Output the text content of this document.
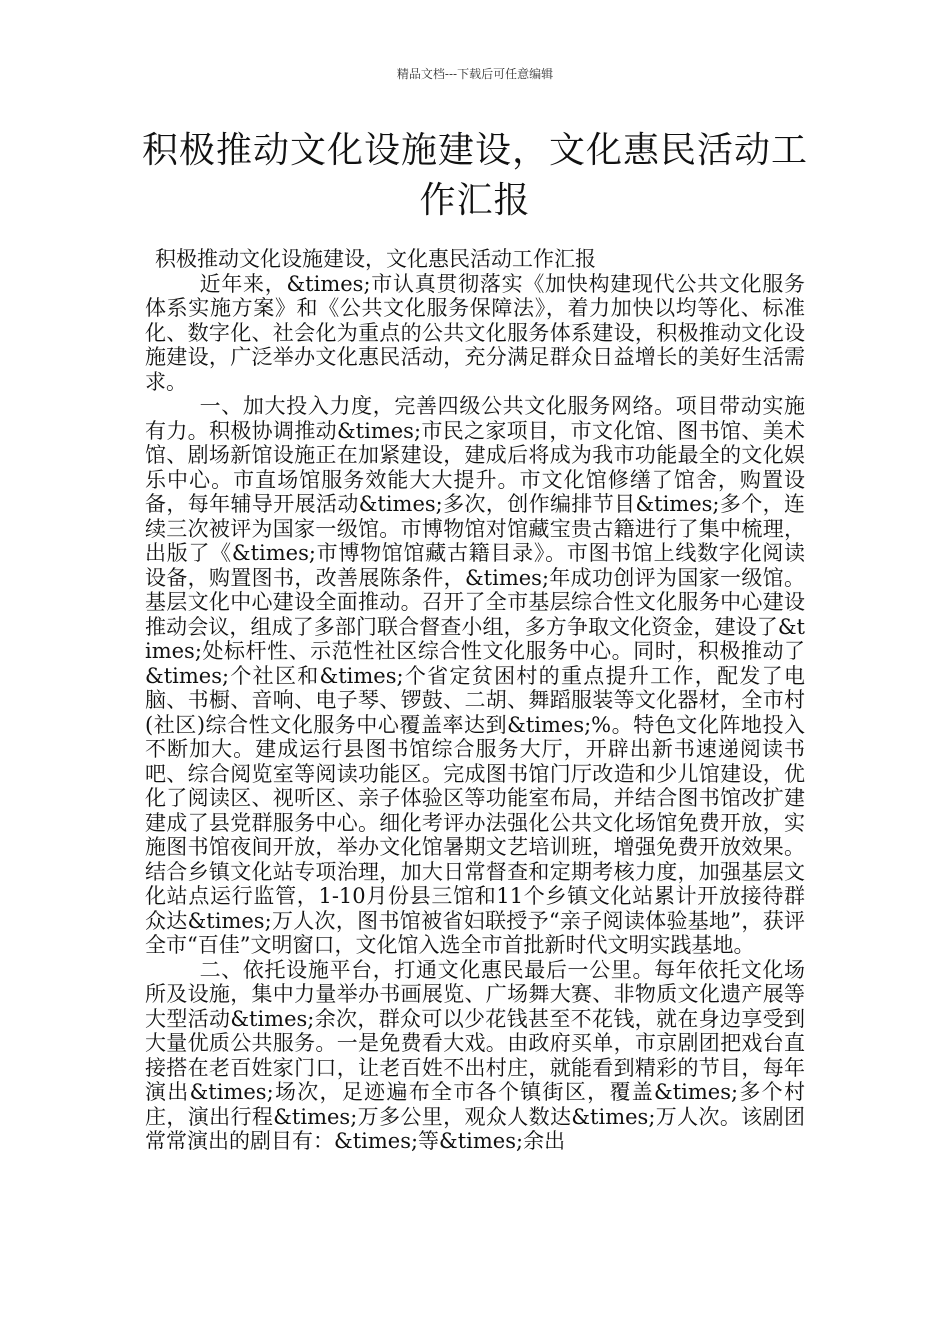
精品文档---下载后可任意编辑
积极推动文化设施建设，文化惠民活动工作汇报

积极推动文化设施建设，文化惠民活动工作汇报

近年来，&times;市认真贯彻落实《加快构建现代公共文化服务体系实施方案》和《公共文化服务保障法》，着力加快以均等化、标准化、数字化、社会化为重点的公共文化服务体系建设，积极推动文化设施建设，广泛举办文化惠民活动，充分满足群众日益增长的美好生活需求。

一、加大投入力度，完善四级公共文化服务网络。项目带动实施有力。积极协调推动&times;市民之家项目，市文化馆、图书馆、美术馆、剧场新馆设施正在加紧建设，建成后将成为我市功能最全的文化娱乐中心。市直场馆服务效能大大提升。市文化馆修缮了馆舍，购置设备，每年辅导开展活动&times;多次，创作编排节目&times;多个，连续三次被评为国家一级馆。市博物馆对馆藏宝贵古籍进行了集中梳理，出版了《&times;市博物馆馆藏古籍目录》。市图书馆上线数字化阅读设备，购置图书，改善展陈条件，&times;年成功创评为国家一级馆。基层文化中心建设全面推动。召开了全市基层综合性文化服务中心建设推动会议，组成了多部门联合督查小组，多方争取文化资金，建设了&times;处标杆性、示范性社区综合性文化服务中心。同时，积极推动了&times;个社区和&times;个省定贫困村的重点提升工作，配发了电脑、书橱、音响、电子琴、锣鼓、二胡、舞蹈服装等文化器材，全市村(社区)综合性文化服务中心覆盖率达到&times;%。特色文化阵地投入不断加大。建成运行县图书馆综合服务大厅，开辟出新书速递阅读书吧、综合阅览室等阅读功能区。完成图书馆门厅改造和少儿馆建设，优化了阅读区、视听区、亲子体验区等功能室布局，并结合图书馆改扩建建成了县党群服务中心。细化考评办法强化公共文化场馆免费开放，实施图书馆夜间开放，举办文化馆暑期文艺培训班，增强免费开放效果。结合乡镇文化站专项治理，加大日常督查和定期考核力度，加强基层文化站点运行监管，1-10月份县三馆和11个乡镇文化站累计开放接待群众达&times;万人次，图书馆被省妇联授予“亲子阅读体验基地”，获评全市“百佳”文明窗口，文化馆入选全市首批新时代文明实践基地。

二、依托设施平台，打通文化惠民最后一公里。每年依托文化场所及设施，集中力量举办书画展览、广场舞大赛、非物质文化遗产展等大型活动&times;余次，群众可以少花钱甚至不花钱，就在身边享受到大量优质公共服务。一是免费看大戏。由政府买单，市京剧团把戏台直接搭在老百姓家门口，让老百姓不出村庄，就能看到精彩的节目，每年演出&times;场次，足迹遍布全市各个镇街区，覆盖&times;多个村庄，演出行程&times;万多公里，观众人数达&times;万人次。该剧团常常演出的剧目有：&times;等&times;余出
